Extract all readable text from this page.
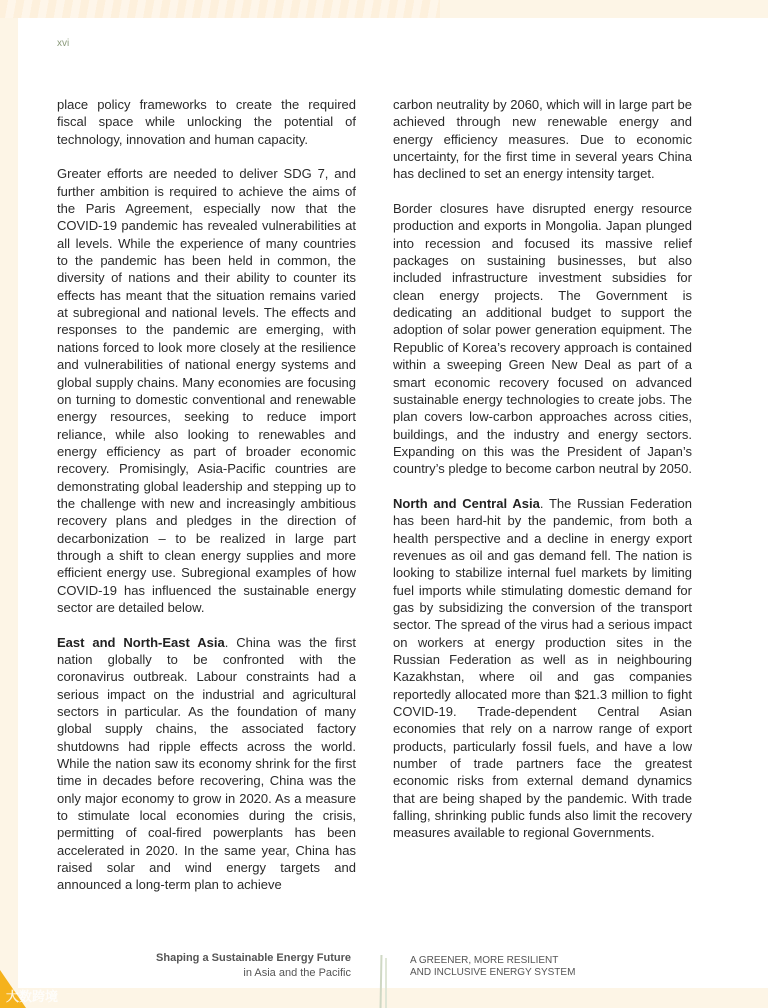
xvi

place policy frameworks to create the required fiscal space while unlocking the potential of technology, innovation and human capacity.

Greater efforts are needed to deliver SDG 7, and further ambition is required to achieve the aims of the Paris Agreement, especially now that the COVID-19 pandemic has revealed vulnerabilities at all levels. While the experience of many countries to the pandemic has been held in common, the diversity of nations and their ability to counter its effects has meant that the situation remains varied at subregional and national levels. The effects and responses to the pandemic are emerging, with nations forced to look more closely at the resilience and vulnerabilities of national energy systems and global supply chains. Many economies are focusing on turning to domestic conventional and renewable energy resources, seeking to reduce import reliance, while also looking to renewables and energy efficiency as part of broader economic recovery. Promisingly, Asia-Pacific countries are demonstrating global leadership and stepping up to the challenge with new and increasingly ambitious recovery plans and pledges in the direction of decarbonization – to be realized in large part through a shift to clean energy supplies and more efficient energy use. Subregional examples of how COVID-19 has influenced the sustainable energy sector are detailed below.

East and North-East Asia. China was the first nation globally to be confronted with the coronavirus outbreak. Labour constraints had a serious impact on the industrial and agricultural sectors in particular. As the foundation of many global supply chains, the associated factory shutdowns had ripple effects across the world. While the nation saw its economy shrink for the first time in decades before recovering, China was the only major economy to grow in 2020. As a measure to stimulate local economies during the crisis, permitting of coal-fired powerplants has been accelerated in 2020. In the same year, China has raised solar and wind energy targets and announced a long-term plan to achieve

carbon neutrality by 2060, which will in large part be achieved through new renewable energy and energy efficiency measures. Due to economic uncertainty, for the first time in several years China has declined to set an energy intensity target.

Border closures have disrupted energy resource production and exports in Mongolia. Japan plunged into recession and focused its massive relief packages on sustaining businesses, but also included infrastructure investment subsidies for clean energy projects. The Government is dedicating an additional budget to support the adoption of solar power generation equipment. The Republic of Korea’s recovery approach is contained within a sweeping Green New Deal as part of a smart economic recovery focused on advanced sustainable energy technologies to create jobs. The plan covers low-carbon approaches across cities, buildings, and the industry and energy sectors. Expanding on this was the President of Japan’s country’s pledge to become carbon neutral by 2050.

North and Central Asia. The Russian Federation has been hard-hit by the pandemic, from both a health perspective and a decline in energy export revenues as oil and gas demand fell. The nation is looking to stabilize internal fuel markets by limiting fuel imports while stimulating domestic demand for gas by subsidizing the conversion of the transport sector. The spread of the virus had a serious impact on workers at energy production sites in the Russian Federation as well as in neighbouring Kazakhstan, where oil and gas companies reportedly allocated more than $21.3 million to fight COVID-19. Trade-dependent Central Asian economies that rely on a narrow range of export products, particularly fossil fuels, and have a low number of trade partners face the greatest economic risks from external demand dynamics that are being shaped by the pandemic. With trade falling, shrinking public funds also limit the recovery measures available to regional Governments.

Shaping a Sustainable Energy Future
in Asia and the Pacific
A GREENER, MORE RESILIENT
AND INCLUSIVE ENERGY SYSTEM
大数跨境
